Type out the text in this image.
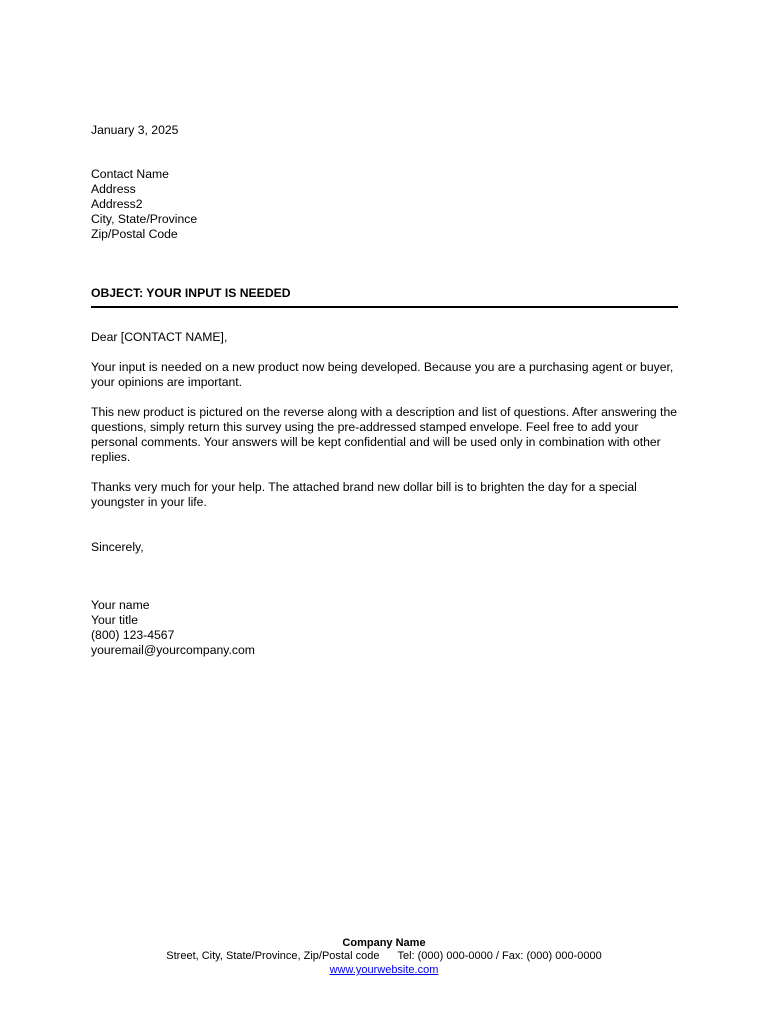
January 3, 2025
Contact Name
Address
Address2
City, State/Province
Zip/Postal Code
OBJECT: YOUR INPUT IS NEEDED
Dear [CONTACT NAME],
Your input is needed on a new product now being developed. Because you are a purchasing agent or buyer, your opinions are important.
This new product is pictured on the reverse along with a description and list of questions. After answering the questions, simply return this survey using the pre-addressed stamped envelope. Feel free to add your personal comments. Your answers will be kept confidential and will be used only in combination with other replies.
Thanks very much for your help. The attached brand new dollar bill is to brighten the day for a special youngster in your life.
Sincerely,
Your name
Your title
(800) 123-4567
youremail@yourcompany.com
Company Name
Street, City, State/Province, Zip/Postal code Tel: (000) 000-0000 / Fax: (000) 000-0000
www.yourwebsite.com
